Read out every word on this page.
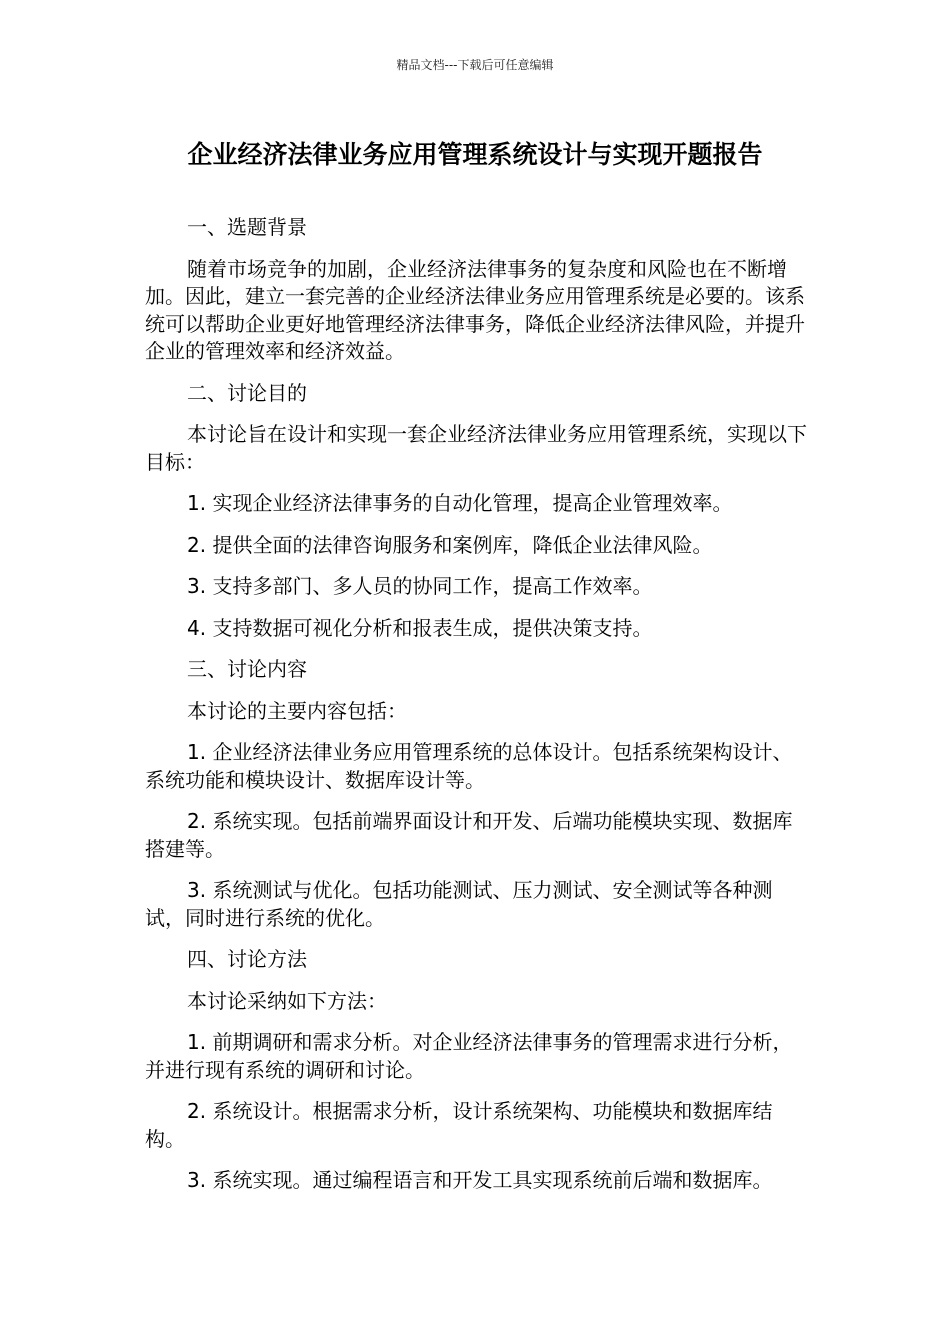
精品文档---下载后可任意编辑
企业经济法律业务应用管理系统设计与实现开题报告

一、选题背景

随着市场竞争的加剧，企业经济法律事务的复杂度和风险也在不断增加。因此，建立一套完善的企业经济法律业务应用管理系统是必要的。该系统可以帮助企业更好地管理经济法律事务，降低企业经济法律风险，并提升企业的管理效率和经济效益。

二、讨论目的

本讨论旨在设计和实现一套企业经济法律业务应用管理系统，实现以下目标：

1. 实现企业经济法律事务的自动化管理，提高企业管理效率。

2. 提供全面的法律咨询服务和案例库，降低企业法律风险。

3. 支持多部门、多人员的协同工作，提高工作效率。

4. 支持数据可视化分析和报表生成，提供决策支持。

三、讨论内容

本讨论的主要内容包括：

1. 企业经济法律业务应用管理系统的总体设计。包括系统架构设计、系统功能和模块设计、数据库设计等。

2. 系统实现。包括前端界面设计和开发、后端功能模块实现、数据库搭建等。

3. 系统测试与优化。包括功能测试、压力测试、安全测试等各种测试，同时进行系统的优化。

四、讨论方法

本讨论采纳如下方法：

1. 前期调研和需求分析。对企业经济法律事务的管理需求进行分析，并进行现有系统的调研和讨论。

2. 系统设计。根据需求分析，设计系统架构、功能模块和数据库结构。

3. 系统实现。通过编程语言和开发工具实现系统前后端和数据库。
